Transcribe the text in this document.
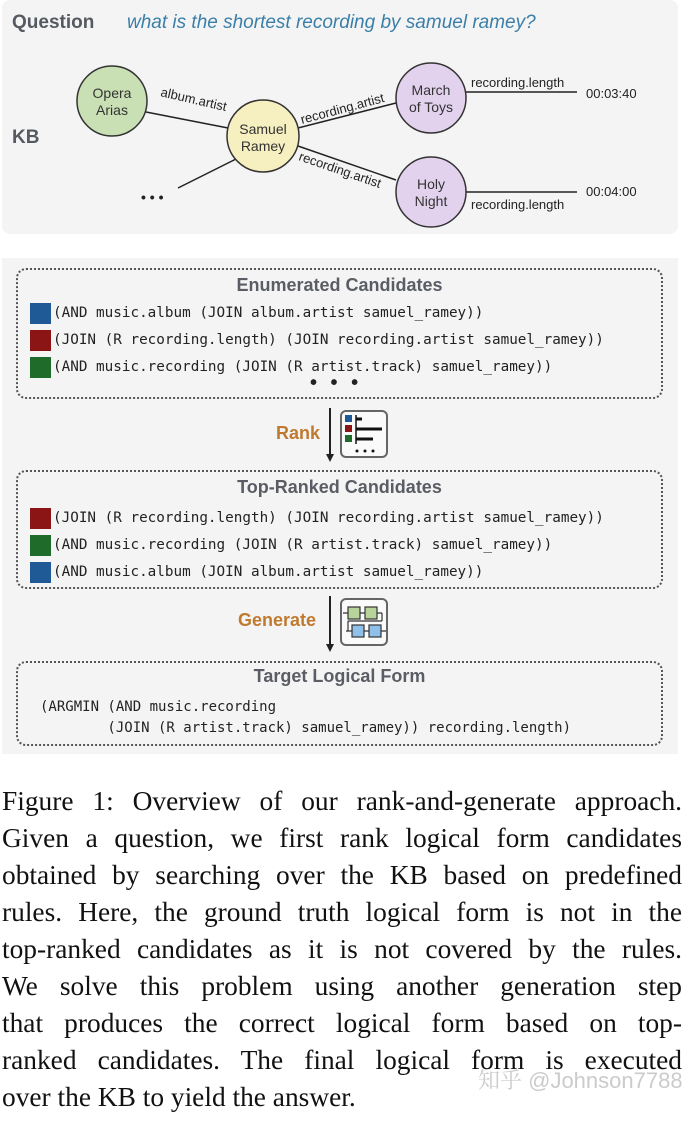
Question what is the shortest recording by samuel ramey?
KB
Opera
Arias
Samuel
Ramey
March
of Toys
Holy
Night
album.artist	recording.artist
recording.artist
recording.length
recording.length
00:03:40
00:04:00
• • •
Enumerated Candidates
(AND music.album (JOIN album.artist samuel_ramey))
(JOIN (R recording.length) (JOIN recording.artist samuel_ramey))
(AND music.recording (JOIN (R artist.track) samuel_ramey))
• • •
Rank
Top-Ranked Candidates
(JOIN (R recording.length) (JOIN recording.artist samuel_ramey))
(AND music.recording (JOIN (R artist.track) samuel_ramey))
(AND music.album (JOIN album.artist samuel_ramey))
Generate
Target Logical Form
(ARGMIN (AND music.recording
(JOIN (R artist.track) samuel_ramey)) recording.length)
Figure 1: Overview of our rank-and-generate approach.
Given a question, we first rank logical form candidates
obtained by searching over the KB based on predefined
rules. Here, the ground truth logical form is not in the
top-ranked candidates as it is not covered by the rules.
We solve this problem using another generation step
that produces the correct logical form based on top-
ranked candidates. The final logical form is executed
over the KB to yield the answer.
知乎 @Johnson7788
